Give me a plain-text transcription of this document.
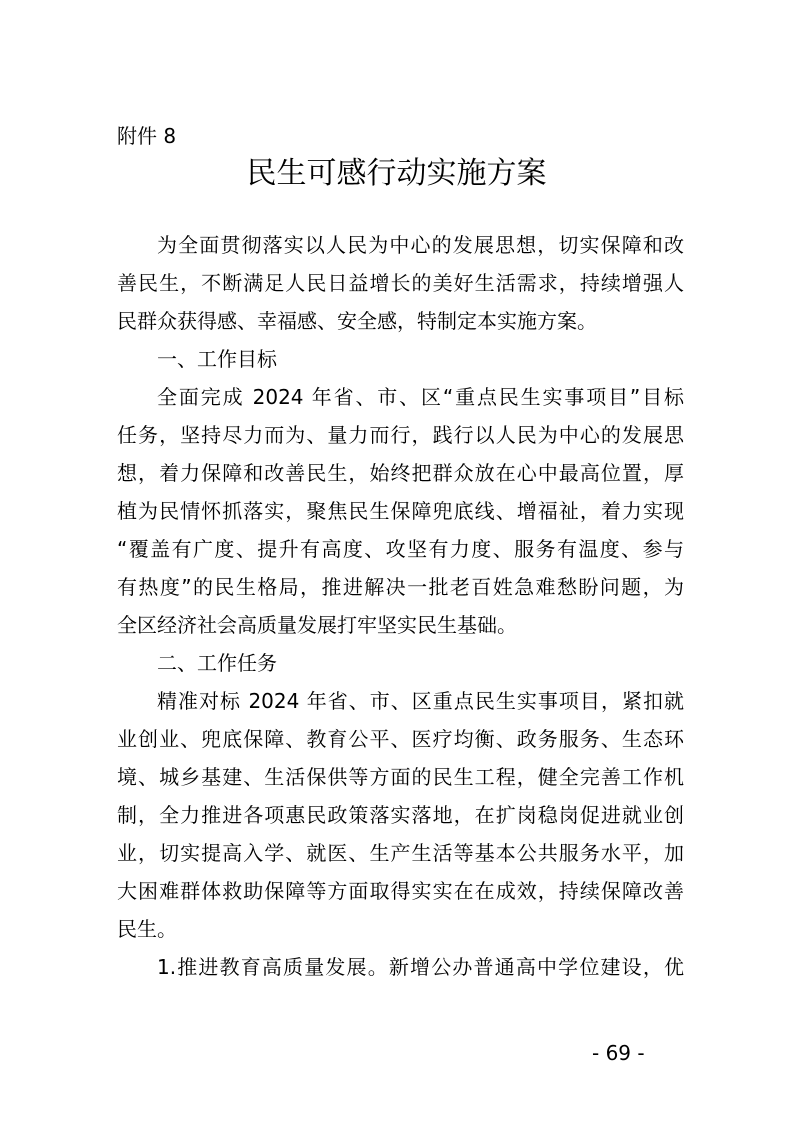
附件 8
民生可感行动实施方案
为全面贯彻落实以人民为中心的发展思想，切实保障和改
善民生，不断满足人民日益增长的美好生活需求，持续增强人
民群众获得感、幸福感、安全感，特制定本实施方案。
一、工作目标
全面完成 2024 年省、市、区“重点民生实事项目”目标
任务，坚持尽力而为、量力而行，践行以人民为中心的发展思
想，着力保障和改善民生，始终把群众放在心中最高位置，厚
植为民情怀抓落实，聚焦民生保障兜底线、增福祉，着力实现
“覆盖有广度、提升有高度、攻坚有力度、服务有温度、参与
有热度”的民生格局，推进解决一批老百姓急难愁盼问题，为
全区经济社会高质量发展打牢坚实民生基础。
二、工作任务
精准对标 2024 年省、市、区重点民生实事项目，紧扣就
业创业、兜底保障、教育公平、医疗均衡、政务服务、生态环
境、城乡基建、生活保供等方面的民生工程，健全完善工作机
制，全力推进各项惠民政策落实落地，在扩岗稳岗促进就业创
业，切实提高入学、就医、生产生活等基本公共服务水平，加
大困难群体救助保障等方面取得实实在在成效，持续保障改善
民生。
1.推进教育高质量发展。新增公办普通高中学位建设，优
- 69 -
